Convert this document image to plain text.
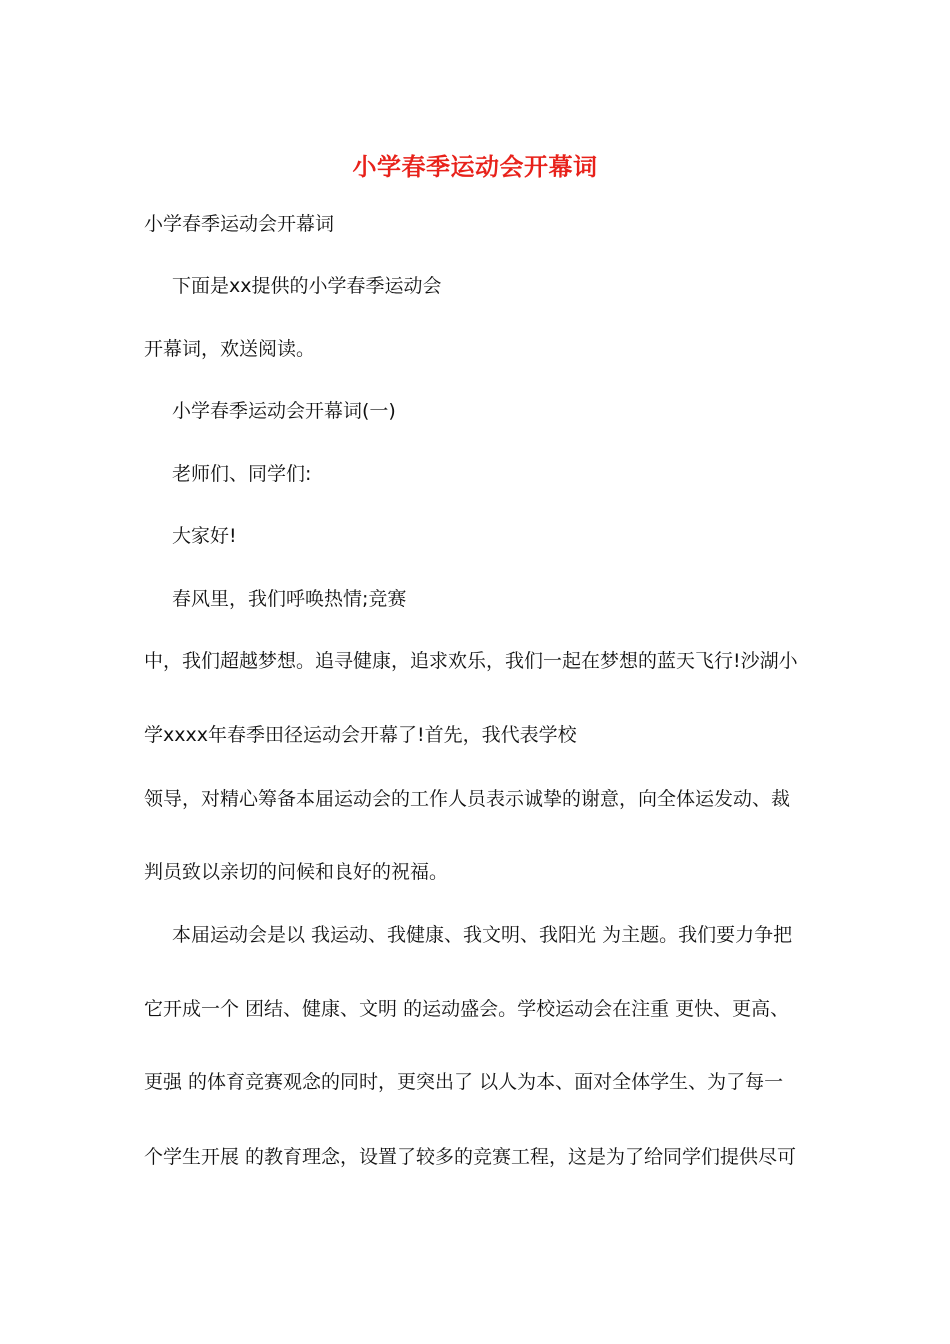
小学春季运动会开幕词
小学春季运动会开幕词
下面是xx提供的小学春季运动会
开幕词，欢送阅读。
小学春季运动会开幕词(一)
老师们、同学们:
大家好!
春风里，我们呼唤热情;竞赛
中，我们超越梦想。追寻健康，追求欢乐，我们一起在梦想的蓝天飞行!沙湖小
学xxxx年春季田径运动会开幕了!首先，我代表学校
领导，对精心筹备本届运动会的工作人员表示诚挚的谢意，向全体运发动、裁
判员致以亲切的问候和良好的祝福。
本届运动会是以 我运动、我健康、我文明、我阳光 为主题。我们要力争把
它开成一个 团结、健康、文明 的运动盛会。学校运动会在注重 更快、更高、
更强 的体育竞赛观念的同时，更突出了 以人为本、面对全体学生、为了每一
个学生开展 的教育理念，设置了较多的竞赛工程，这是为了给同学们提供尽可
